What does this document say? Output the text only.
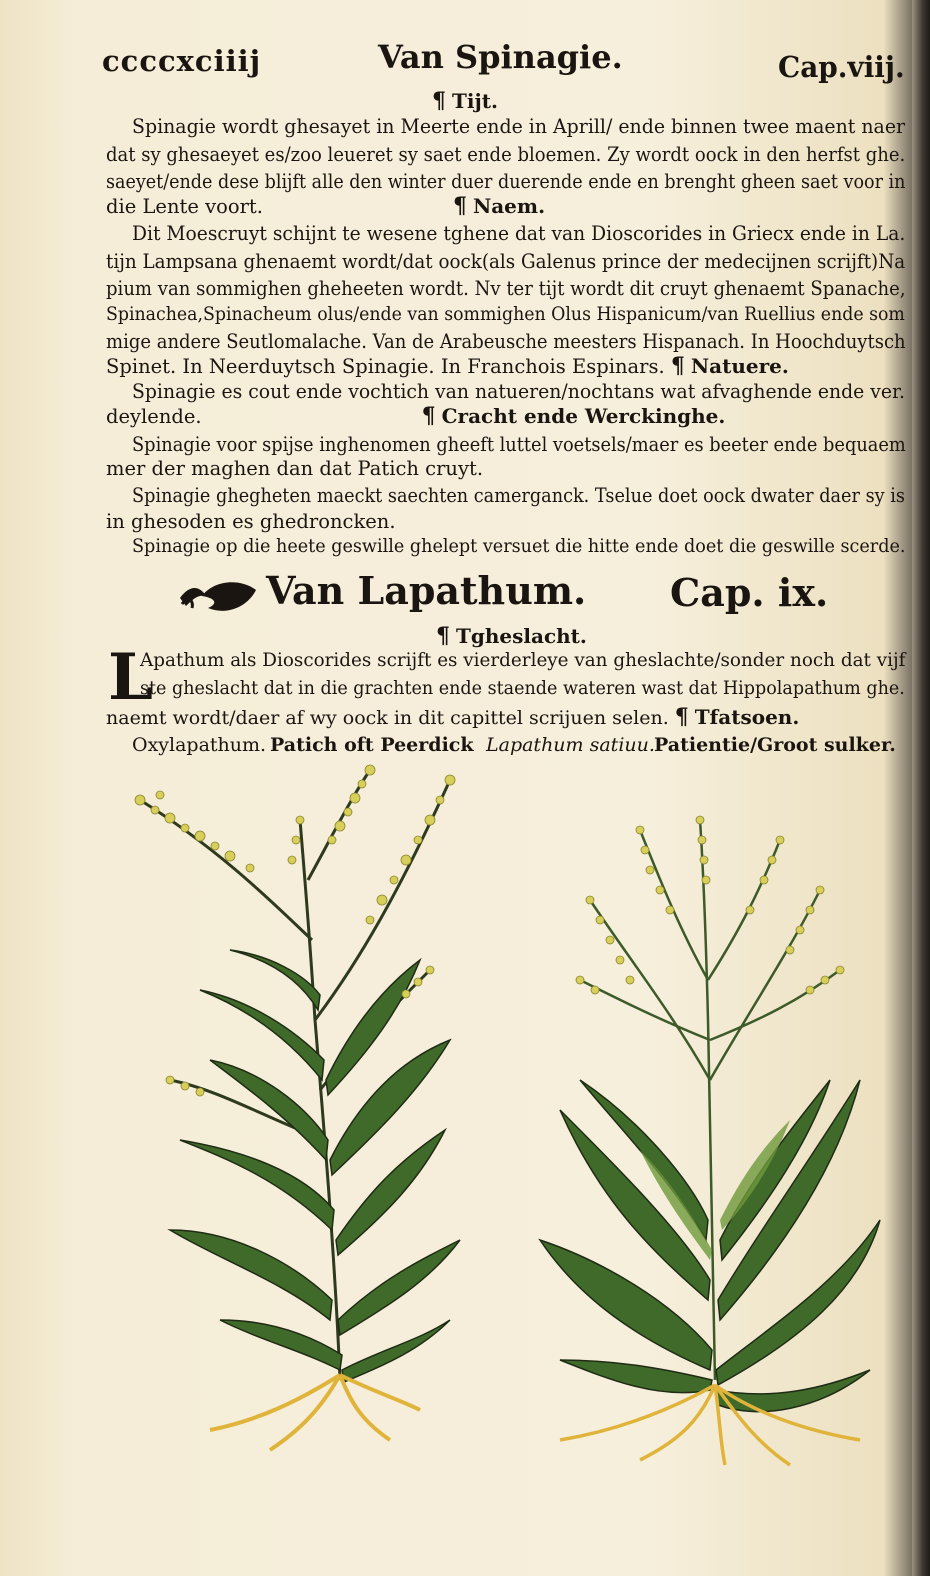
ccccxciiij	Van Spinagie.	Cap.viij.
¶ Tijt.
Spinagie wordt ghesayet in Meerte ende in Aprill/ ende binnen twee maent naer
dat sy ghesaeyet es/zoo leueret sy saet ende bloemen. Zy wordt oock in den herfst ghe.
saeyet/ende dese blijft alle den winter duer duerende ende en brenght gheen saet voor in
die Lente voort.	¶ Naem.
Dit Moescruyt schijnt te wesene tghene dat van Dioscorides in Griecx ende in La.
tijn Lampsana ghenaemt wordt/dat oock(als Galenus prince der medecijnen scrijft)Na
pium van sommighen gheheeten wordt. Nv ter tijt wordt dit cruyt ghenaemt Spanache,
Spinachea,Spinacheum olus/ende van sommighen Olus Hispanicum/van Ruellius ende som
mige andere Seutlomalache. Van de Arabeusche meesters Hispanach. In Hoochduytsch
Spinet. In Neerduytsch Spinagie. In Franchois Espinars. ¶ Natuere.
Spinagie es cout ende vochtich van natueren/nochtans wat afvaghende ende ver.
deylende.	¶ Cracht ende Werckinghe.
Spinagie voor spijse inghenomen gheeft luttel voetsels/maer es beeter ende bequaem
mer der maghen dan dat Patich cruyt.
Spinagie ghegheten maeckt saechten camerganck. Tselue doet oock dwater daer sy is
in ghesoden es ghedroncken.
Spinagie op die heete geswille ghelept versuet die hitte ende doet die geswille scerde.
Van Lapathum. Cap. ix.
¶ Tgheslacht.
L
Apathum als Dioscorides scrijft es vierderleye van gheslachte/sonder noch dat vijf
ste gheslacht dat in die grachten ende staende wateren wast dat Hippolapathum ghe.
naemt wordt/daer af wy oock in dit capittel scrijuen selen. ¶ Tfatsoen.
Oxylapathum. Patich oft Peerdick Lapathum satiuu. Patientie/Groot sulker.
